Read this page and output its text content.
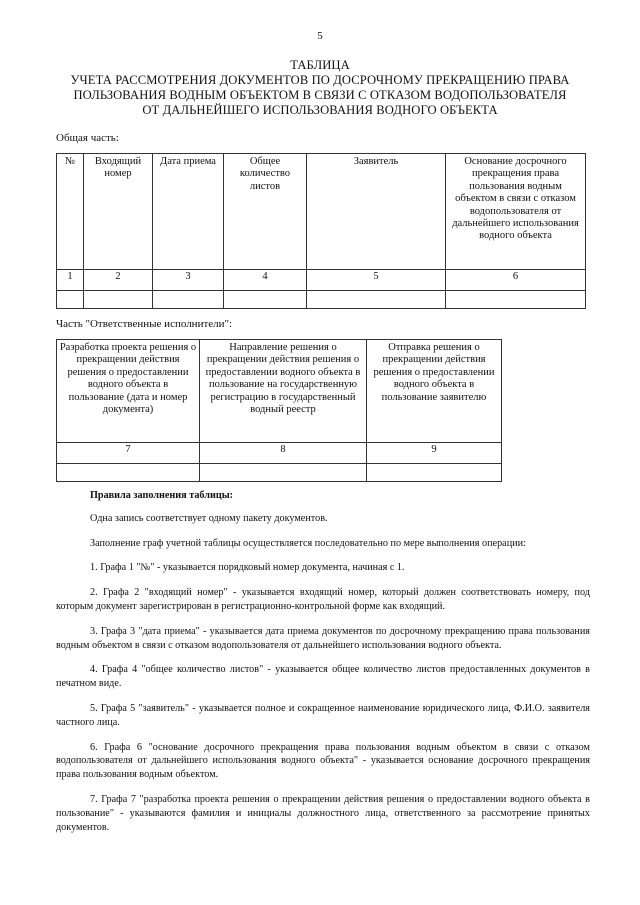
5
ТАБЛИЦА
УЧЕТА РАССМОТРЕНИЯ ДОКУМЕНТОВ ПО ДОСРОЧНОМУ ПРЕКРАЩЕНИЮ ПРАВА
ПОЛЬЗОВАНИЯ ВОДНЫМ ОБЪЕКТОМ В СВЯЗИ С ОТКАЗОМ ВОДОПОЛЬЗОВАТЕЛЯ
ОТ ДАЛЬНЕЙШЕГО ИСПОЛЬЗОВАНИЯ ВОДНОГО ОБЪЕКТА
Общая часть:
№	Входящий номер	Дата приема	Общее количество листов	Заявитель	Основание досрочного прекращения права пользования водным объектом в связи с отказом водопользователя от дальнейшего использования водного объекта
1	2	3	4	5	6

Часть "Ответственные исполнители":
Разработка проекта решения о прекращении действия решения о предоставлении водного объекта в пользование (дата и номер документа)	Направление решения о прекращении действия решения о предоставлении водного объекта в пользование на государственную регистрацию в государственный водный реестр	Отправка решения о прекращении действия решения о предоставлении водного объекта в пользование заявителю
7	8	9

Правила заполнения таблицы:

Одна запись соответствует одному пакету документов.

Заполнение граф учетной таблицы осуществляется последовательно по мере выполнения операции:

1. Графа 1 "№" - указывается порядковый номер документа, начиная с 1.

2. Графа 2 "входящий номер" - указывается входящий номер, который должен соответствовать номеру, под которым документ зарегистрирован в регистрационно-контрольной форме как входящий.

3. Графа 3 "дата приема" - указывается дата приема документов по досрочному прекращению права пользования водным объектом в связи с отказом водопользователя от дальнейшего использования водного объекта.

4. Графа 4 "общее количество листов" - указывается общее количество листов предоставленных документов в печатном виде.

5. Графа 5 "заявитель" - указывается полное и сокращенное наименование юридического лица, Ф.И.О. заявителя частного лица.

6. Графа 6 "основание досрочного прекращения права пользования водным объектом в связи с отказом водопользователя от дальнейшего использования водного объекта" - указывается основание досрочного прекращения права пользования водным объектом.

7. Графа 7 "разработка проекта решения о прекращении действия решения о предоставлении водного объекта в пользование" - указываются фамилия и инициалы должностного лица, ответственного за рассмотрение принятых документов.
